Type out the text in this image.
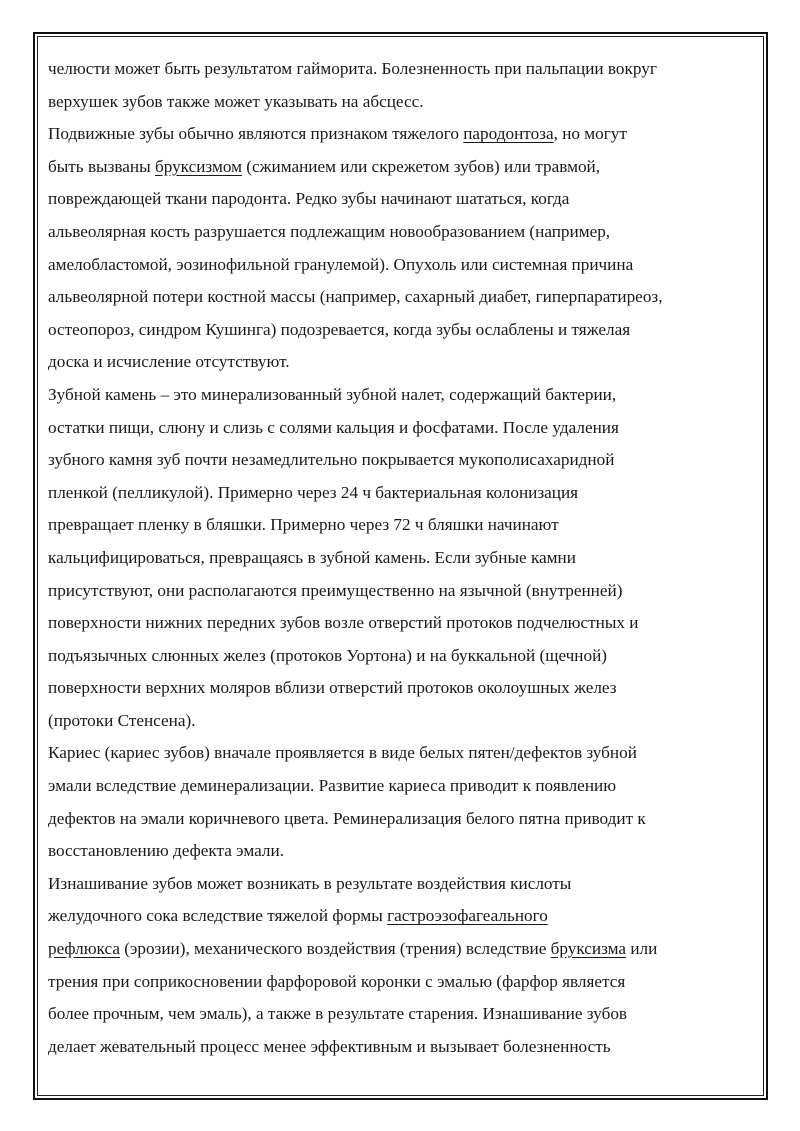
челюсти может быть результатом гайморита. Болезненность при пальпации вокруг
верхушек зубов также может указывать на абсцесс.
Подвижные зубы обычно являются признаком тяжелого пародонтоза, но могут
быть вызваны бруксизмом (сжиманием или скрежетом зубов) или травмой,
повреждающей ткани пародонта. Редко зубы начинают шататься, когда
альвеолярная кость разрушается подлежащим новообразованием (например,
амелобластомой, эозинофильной гранулемой). Опухоль или системная причина
альвеолярной потери костной массы (например, сахарный диабет, гиперпаратиреоз,
остеопороз, синдром Кушинга) подозревается, когда зубы ослаблены и тяжелая
доска и исчисление отсутствуют.
Зубной камень – это минерализованный зубной налет, содержащий бактерии,
остатки пищи, слюну и слизь с солями кальция и фосфатами. После удаления
зубного камня зуб почти незамедлительно покрывается мукополисахаридной
пленкой (пелликулой). Примерно через 24 ч бактериальная колонизация
превращает пленку в бляшки. Примерно через 72 ч бляшки начинают
кальцифицироваться, превращаясь в зубной камень. Если зубные камни
присутствуют, они располагаются преимущественно на язычной (внутренней)
поверхности нижних передних зубов возле отверстий протоков подчелюстных и
подъязычных слюнных желез (протоков Уортона) и на буккальной (щечной)
поверхности верхних моляров вблизи отверстий протоков околоушных желез
(протоки Стенсена).
Кариес (кариес зубов) вначале проявляется в виде белых пятен/дефектов зубной
эмали вследствие деминерализации. Развитие кариеса приводит к появлению
дефектов на эмали коричневого цвета. Реминерализация белого пятна приводит к
восстановлению дефекта эмали.
Изнашивание зубов может возникать в результате воздействия кислоты
желудочного сока вследствие тяжелой формы гастроэзофагеального
рефлюкса (эрозии), механического воздействия (трения) вследствие бруксизма или
трения при соприкосновении фарфоровой коронки с эмалью (фарфор является
более прочным, чем эмаль), а также в результате старения. Изнашивание зубов
делает жевательный процесс менее эффективным и вызывает болезненность
